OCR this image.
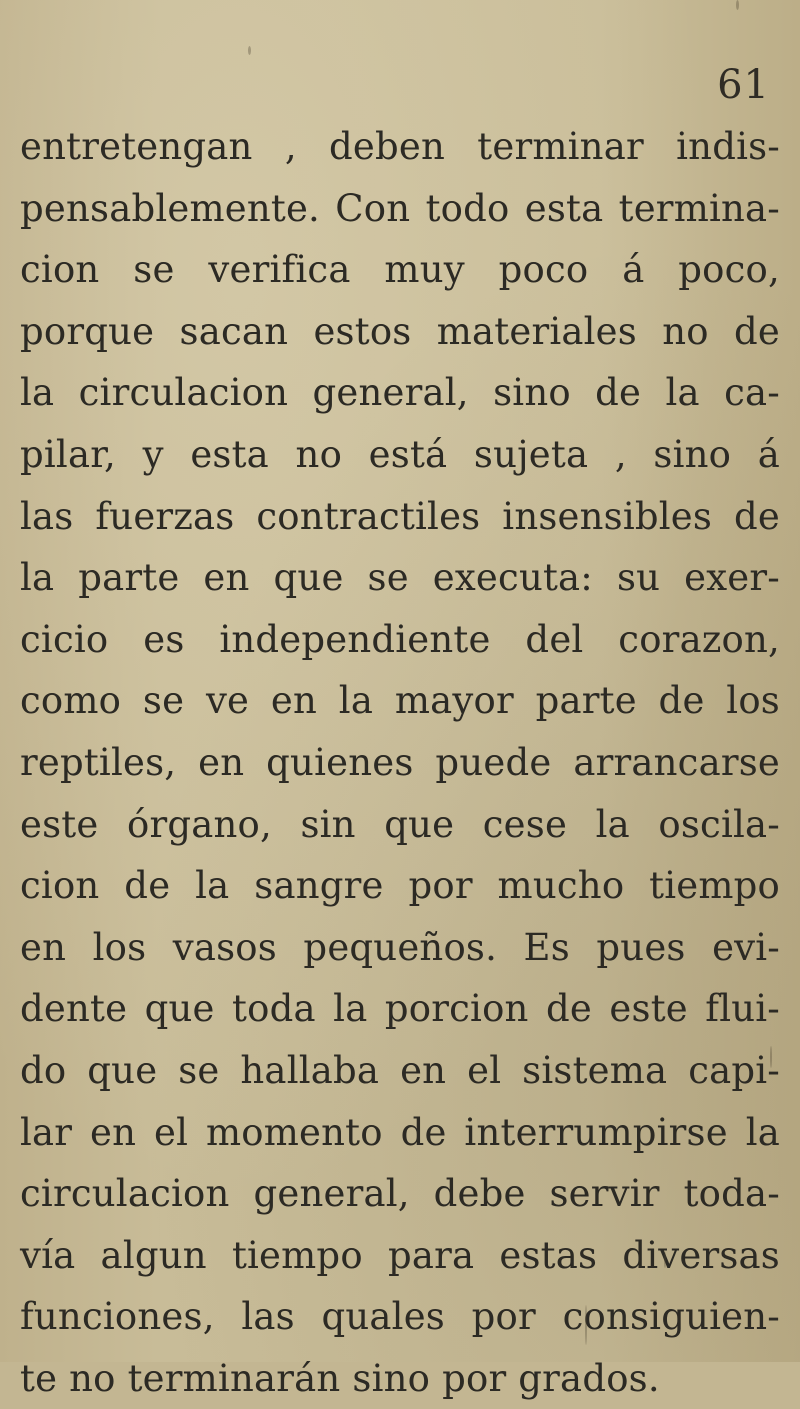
61
entretengan , deben terminar indis-
pensablemente. Con todo esta termina-
cion se verifica muy poco á poco,
porque sacan estos materiales no de
la circulacion general, sino de la ca-
pilar, y esta no está sujeta , sino á
las fuerzas contractiles insensibles de
la parte en que se executa: su exer-
cicio es independiente del corazon,
como se ve en la mayor parte de los
reptiles, en quienes puede arrancarse
este órgano, sin que cese la oscila-
cion de la sangre por mucho tiempo
en los vasos pequeños. Es pues evi-
dente que toda la porcion de este flui-
do que se hallaba en el sistema capi-
lar en el momento de interrumpirse la
circulacion general, debe servir toda-
vía algun tiempo para estas diversas
funciones, las quales por consiguien-
te no terminarán sino por grados.
